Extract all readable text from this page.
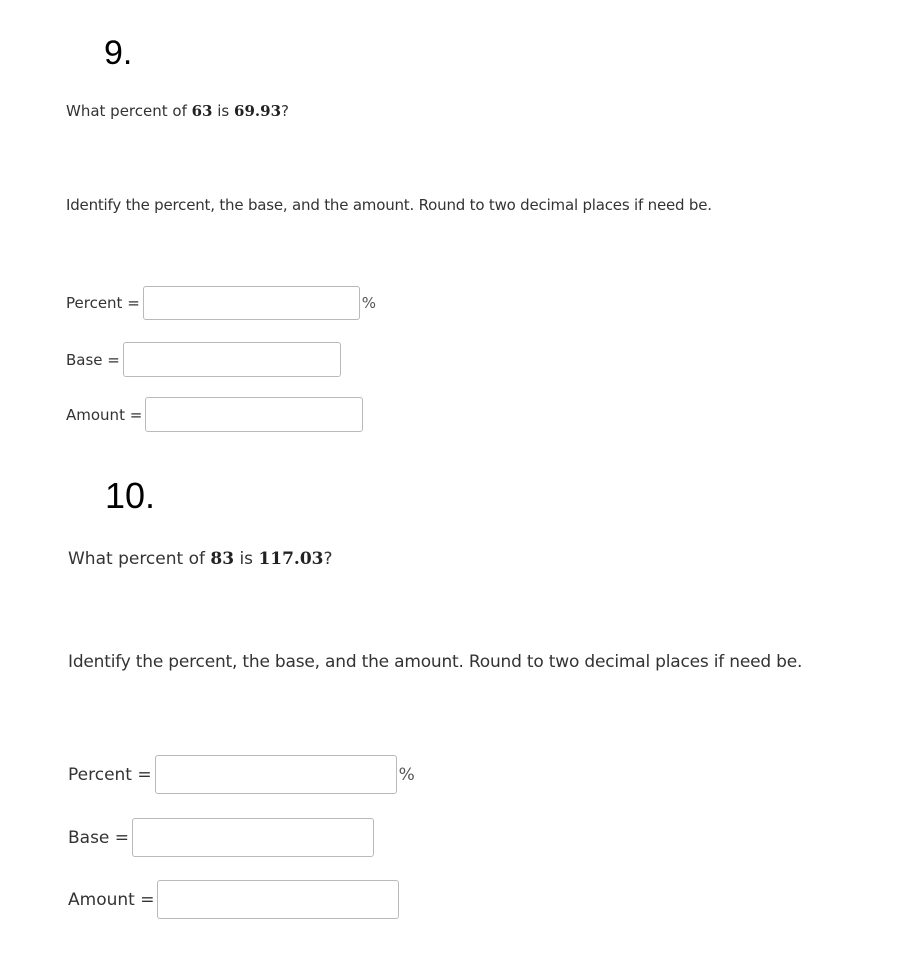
9.
What percent of 63 is 69.93?
Identify the percent, the base, and the amount. Round to two decimal places if need be.
Percent =	%
Base =
Amount =
10.
What percent of 83 is 117.03?
Identify the percent, the base, and the amount. Round to two decimal places if need be.
Percent =	%
Base =
Amount =
